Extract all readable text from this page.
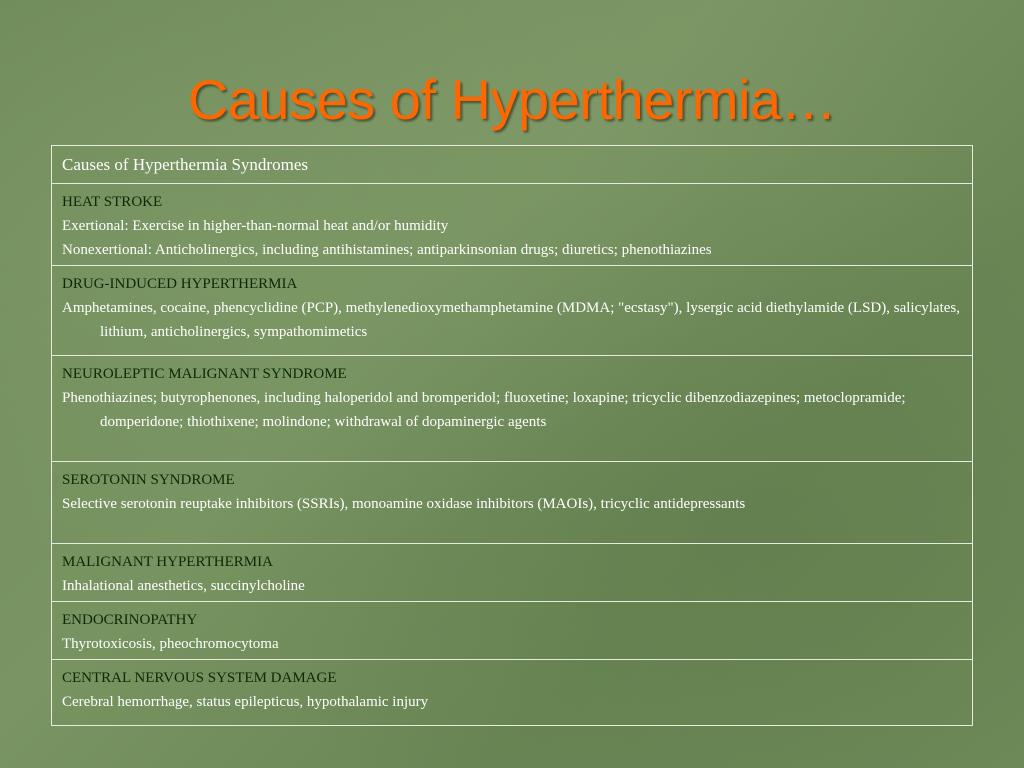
Causes of Hyperthermia…
Causes of Hyperthermia Syndromes
HEAT STROKE
Exertional: Exercise in higher-than-normal heat and/or humidity
Nonexertional: Anticholinergics, including antihistamines; antiparkinsonian drugs; diuretics; phenothiazines
DRUG-INDUCED HYPERTHERMIA
Amphetamines, cocaine, phencyclidine (PCP), methylenedioxymethamphetamine (MDMA; "ecstasy"), lysergic acid diethylamide (LSD), salicylates, lithium, anticholinergics, sympathomimetics
NEUROLEPTIC MALIGNANT SYNDROME
Phenothiazines; butyrophenones, including haloperidol and bromperidol; fluoxetine; loxapine; tricyclic dibenzodiazepines; metoclopramide; domperidone; thiothixene; molindone; withdrawal of dopaminergic agents
SEROTONIN SYNDROME
Selective serotonin reuptake inhibitors (SSRIs), monoamine oxidase inhibitors (MAOIs), tricyclic antidepressants
MALIGNANT HYPERTHERMIA
Inhalational anesthetics, succinylcholine
ENDOCRINOPATHY
Thyrotoxicosis, pheochromocytoma
CENTRAL NERVOUS SYSTEM DAMAGE
Cerebral hemorrhage, status epilepticus, hypothalamic injury
